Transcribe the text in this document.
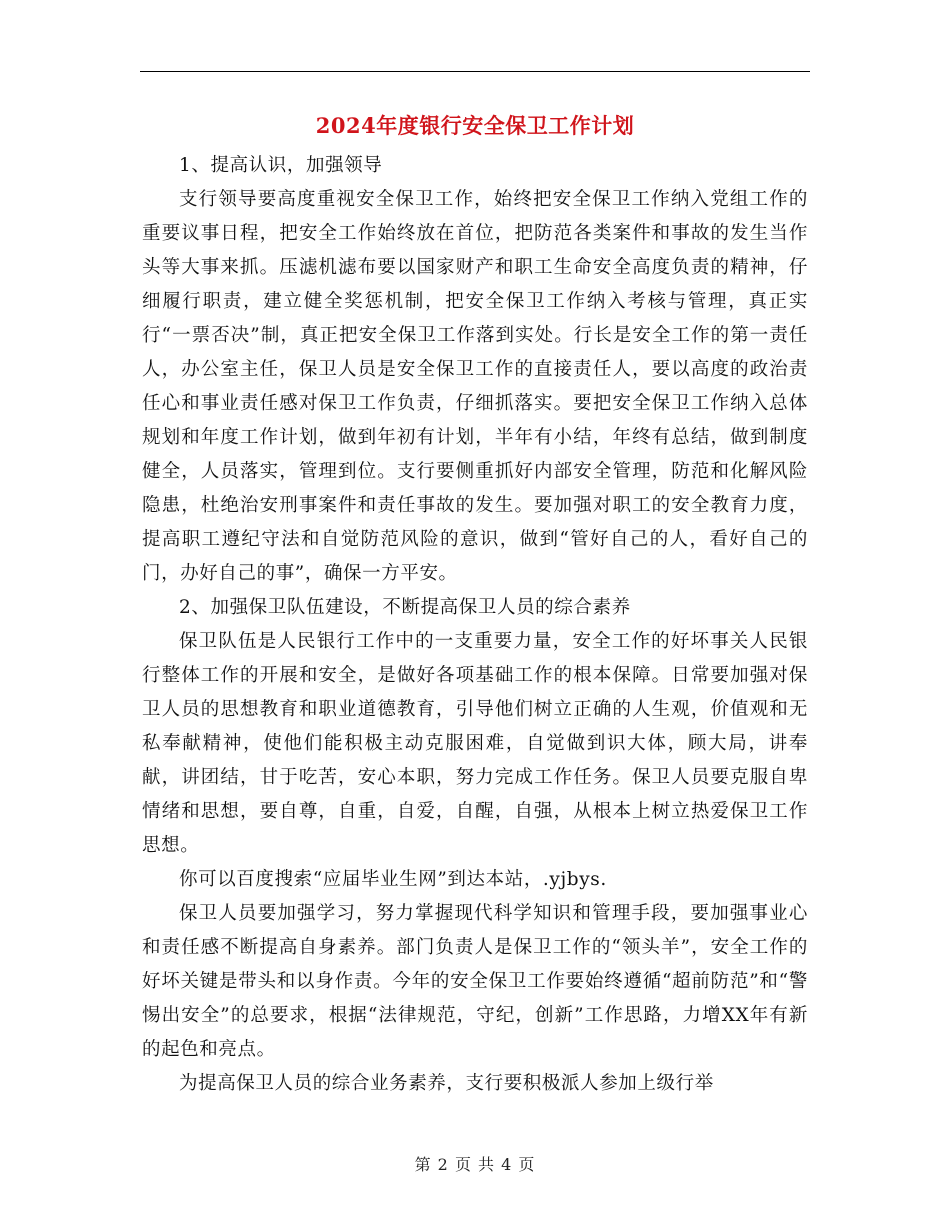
2024年度银行安全保卫工作计划

1、提高认识，加强领导

支行领导要高度重视安全保卫工作，始终把安全保卫工作纳入党组工作的重要议事日程，把安全工作始终放在首位，把防范各类案件和事故的发生当作头等大事来抓。压滤机滤布要以国家财产和职工生命安全高度负责的精神，仔细履行职责，建立健全奖惩机制，把安全保卫工作纳入考核与管理，真正实行“一票否决”制，真正把安全保卫工作落到实处。行长是安全工作的第一责任人，办公室主任，保卫人员是安全保卫工作的直接责任人，要以高度的政治责任心和事业责任感对保卫工作负责，仔细抓落实。要把安全保卫工作纳入总体规划和年度工作计划，做到年初有计划，半年有小结，年终有总结，做到制度健全，人员落实，管理到位。支行要侧重抓好内部安全管理，防范和化解风险隐患，杜绝治安刑事案件和责任事故的发生。要加强对职工的安全教育力度，提高职工遵纪守法和自觉防范风险的意识，做到“管好自己的人，看好自己的门，办好自己的事”，确保一方平安。

2、加强保卫队伍建设，不断提高保卫人员的综合素养

保卫队伍是人民银行工作中的一支重要力量，安全工作的好坏事关人民银行整体工作的开展和安全，是做好各项基础工作的根本保障。日常要加强对保卫人员的思想教育和职业道德教育，引导他们树立正确的人生观，价值观和无私奉献精神，使他们能积极主动克服困难，自觉做到识大体，顾大局，讲奉献，讲团结，甘于吃苦，安心本职，努力完成工作任务。保卫人员要克服自卑情绪和思想，要自尊，自重，自爱，自醒，自强，从根本上树立热爱保卫工作思想。

你可以百度搜索“应届毕业生网”到达本站，.yjbys.

保卫人员要加强学习，努力掌握现代科学知识和管理手段，要加强事业心和责任感不断提高自身素养。部门负责人是保卫工作的“领头羊”，安全工作的好坏关键是带头和以身作责。今年的安全保卫工作要始终遵循“超前防范”和“警惕出安全”的总要求，根据“法律规范，守纪，创新”工作思路，力增XX年有新的起色和亮点。

为提高保卫人员的综合业务素养，支行要积极派人参加上级行举

第 2 页 共 4 页
